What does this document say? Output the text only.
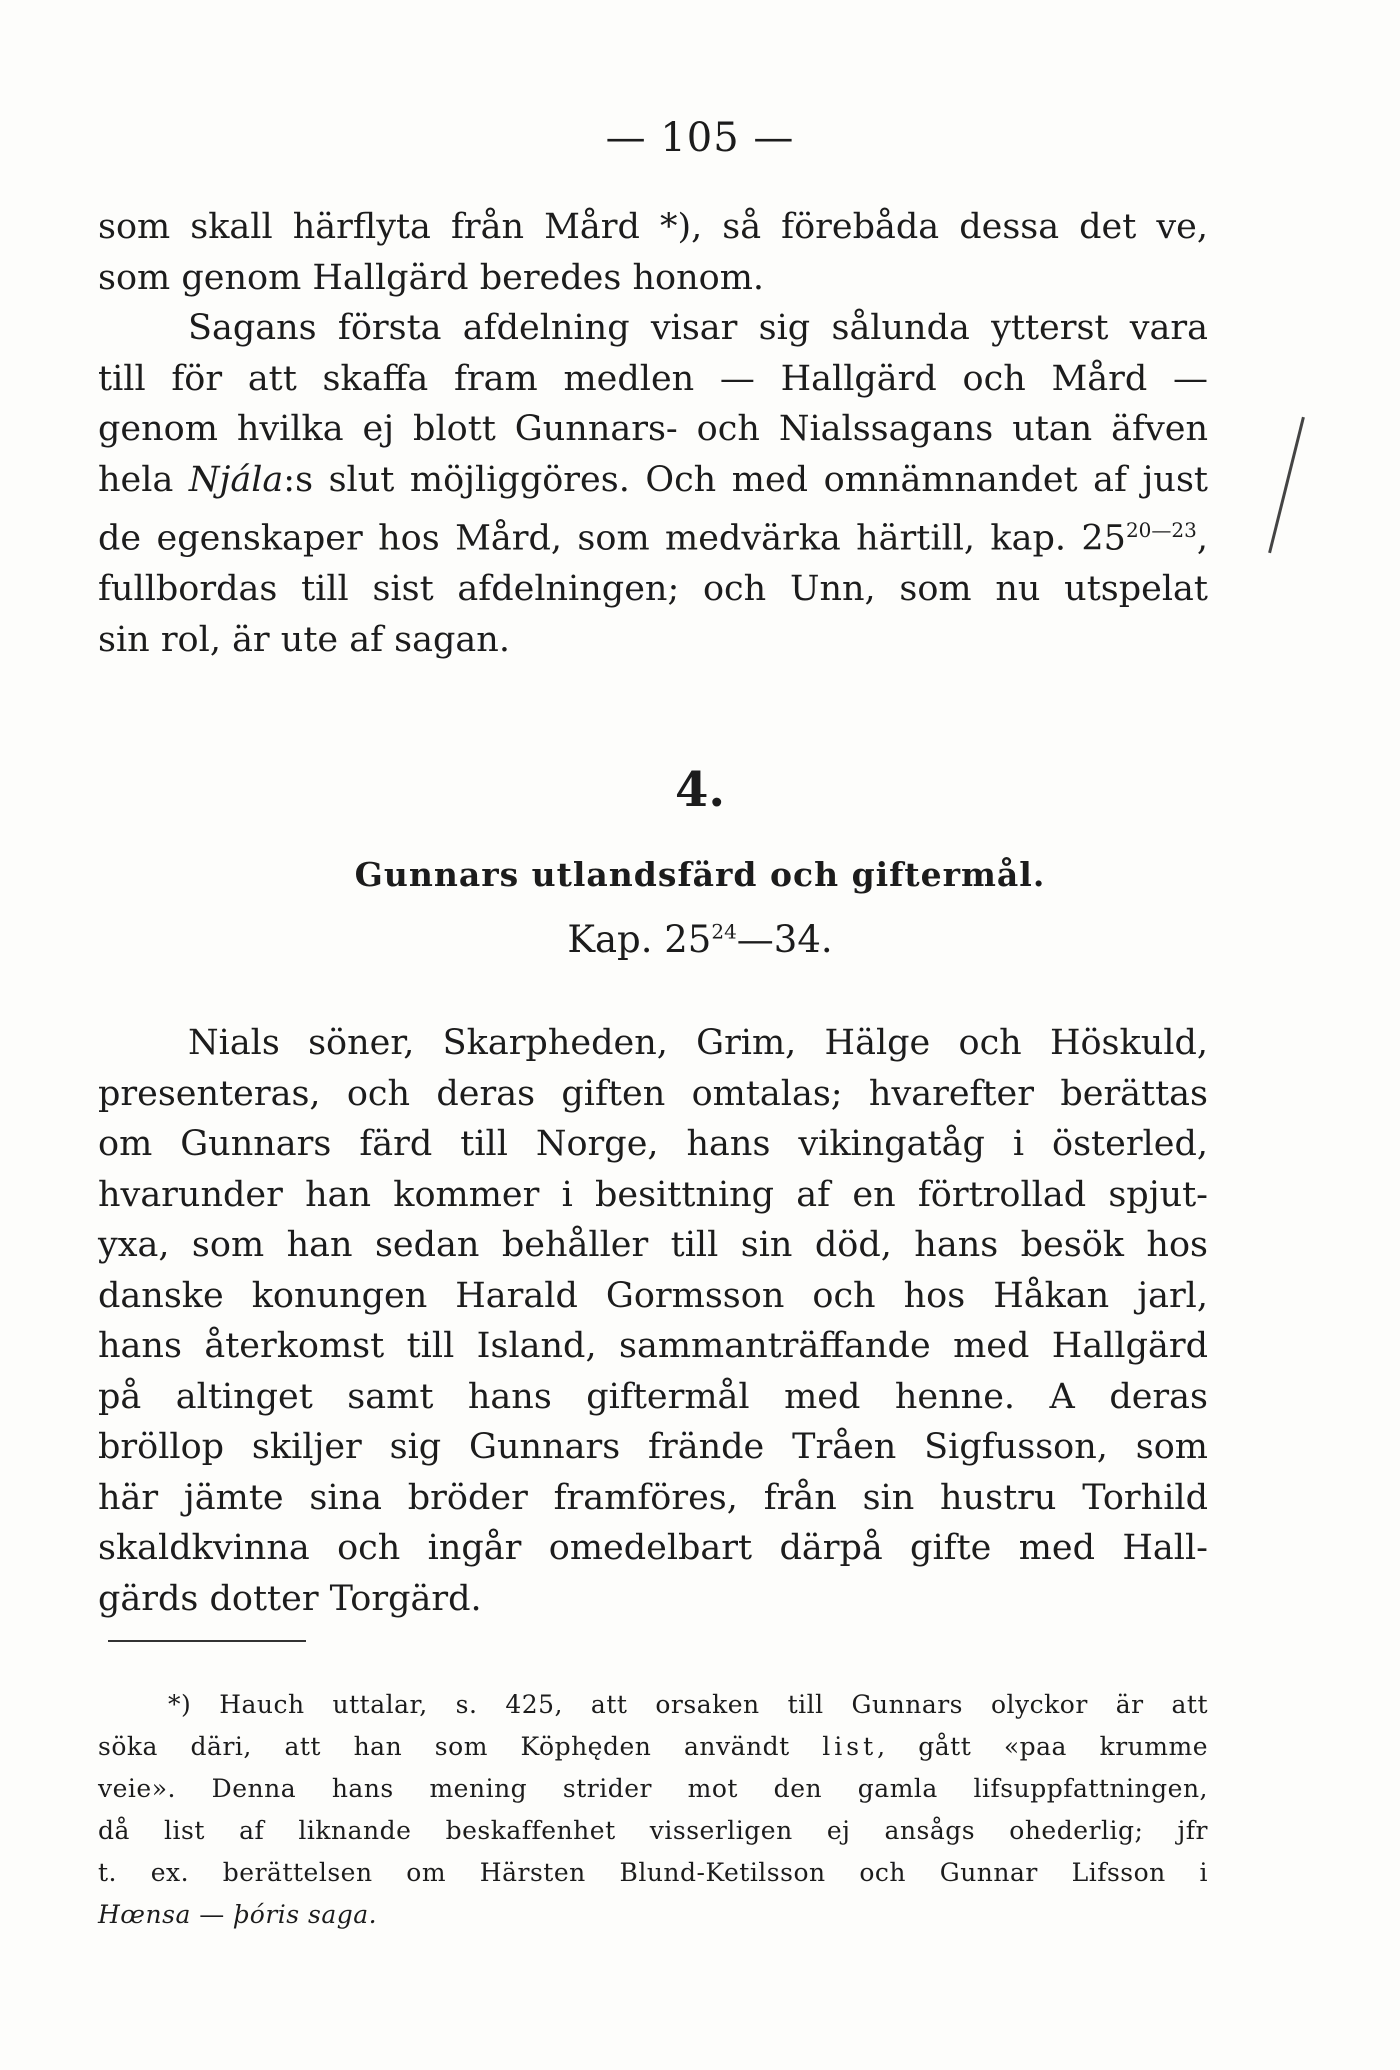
— 105 —
som skall härflyta från Mård *), så förebåda dessa det ve,
som genom Hallgärd beredes honom.
Sagans första afdelning visar sig sålunda ytterst vara
till för att skaffa fram medlen — Hallgärd och Mård —
genom hvilka ej blott Gunnars- och Nialssagans utan äfven
hela Njála:s slut möjliggöres. Och med omnämnandet af just
de egenskaper hos Mård, som medvärka härtill, kap. $25^{20—23}$,
fullbordas till sist afdelningen; och Unn, som nu utspelat
sin rol, är ute af sagan.
4.
Gunnars utlandsfärd och giftermål.
Kap. $25^{24}—34$.
Nials söner, Skarpheden, Grim, Hälge och Höskuld,
presenteras, och deras giften omtalas; hvarefter berättas
om Gunnars färd till Norge, hans vikingatåg i österled,
hvarunder han kommer i besittning af en förtrollad spjut-
yxa, som han sedan behåller till sin död, hans besök hos
danske konungen Harald Gormsson och hos Håkan jarl,
hans återkomst till Island, sammanträffande med Hallgärd
på altinget samt hans giftermål med henne. A deras
bröllop skiljer sig Gunnars frände Tråen Sigfusson, som
här jämte sina bröder framföres, från sin hustru Torhild
skaldkvinna och ingår omedelbart därpå gifte med Hall-
gärds dotter Torgärd.
*) Hauch uttalar, s. 425, att orsaken till Gunnars olyckor är att
söka däri, att han som Köphęden användt list, gått «paa krumme
veie». Denna hans mening strider mot den gamla lifsuppfattningen,
då list af liknande beskaffenhet visserligen ej ansågs ohederlig; jfr
t. ex. berättelsen om Härsten Blund-Ketilsson och Gunnar Lifsson i
Hœnsa — þóris saga.
